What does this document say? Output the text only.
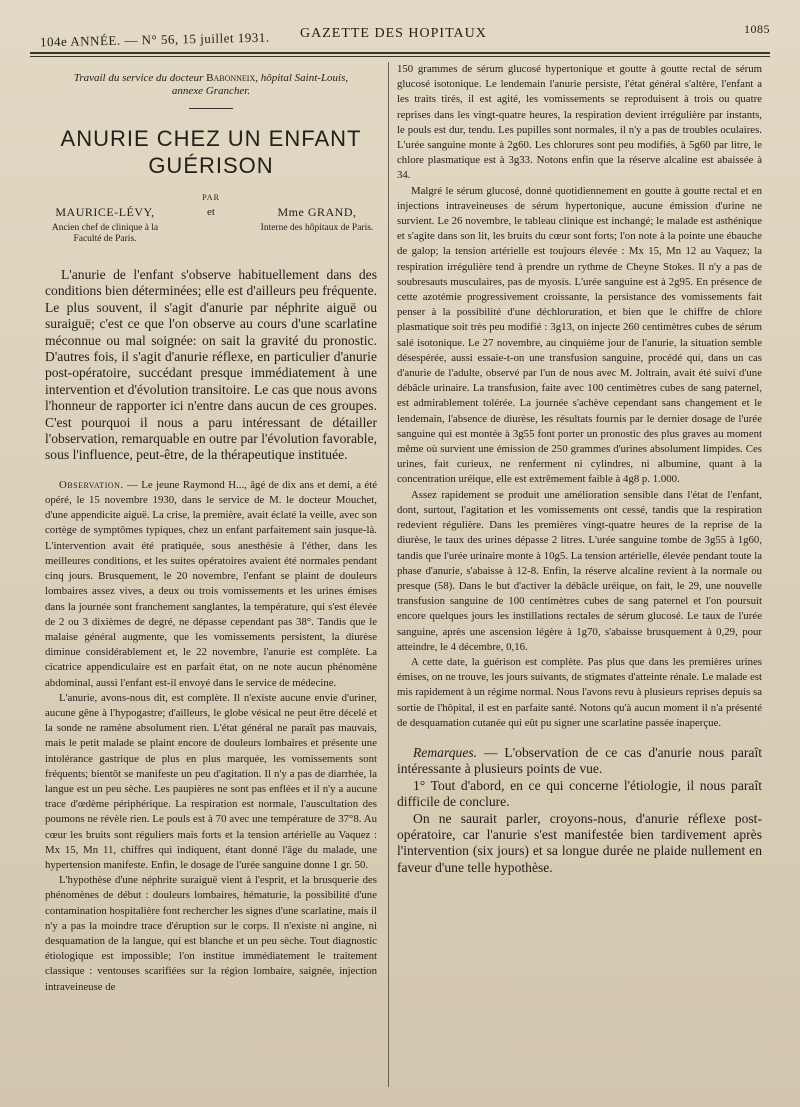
104e ANNÉE. — N° 56, 15 juillet 1931. GAZETTE DES HOPITAUX	1085
Travail du service du docteur Babonneix, hôpital Saint-Louis,
annexe Grancher.
ANURIE CHEZ UN ENFANT
GUÉRISON
PAR
MAURICE-LÉVY,
Ancien chef de clinique à la Faculté de Paris.
et	Mme GRAND,
Interne des hôpitaux de Paris.

L'anurie de l'enfant s'observe habituellement dans des conditions bien déterminées; elle est d'ailleurs peu fréquente. Le plus souvent, il s'agit d'anurie par néphrite aiguë ou suraiguë; c'est ce que l'on observe au cours d'une scarlatine méconnue ou mal soignée: on sait la gravité du pronostic. D'autres fois, il s'agit d'anurie réflexe, en particulier d'anurie post-opératoire, succédant presque immédiatement à une intervention et d'évolution transitoire. Le cas que nous avons l'honneur de rapporter ici n'entre dans aucun de ces groupes. C'est pourquoi il nous a paru intéressant de détailler l'observation, remarquable en outre par l'évolution favorable, sous l'influence, peut-être, de la thérapeutique instituée.

Observation. — Le jeune Raymond H..., âgé de dix ans et demi, a été opéré, le 15 novembre 1930, dans le service de M. le docteur Mouchet, d'une appendicite aiguë. La crise, la première, avait éclaté la veille, avec son cortège de symptômes typiques, chez un enfant parfaitement sain jusque-là. L'intervention avait été pratiquée, sous anesthésie à l'éther, dans les meilleures conditions, et les suites opératoires avaient été normales pendant cinq jours. Brusquement, le 20 novembre, l'enfant se plaint de douleurs lombaires assez vives, a deux ou trois vomissements et les urines émises dans la journée sont franchement sanglantes, la température, qui s'est élevée de 2 ou 3 dixièmes de degré, ne dépasse cependant pas 38°. Tandis que le malaise général augmente, que les vomissements persistent, la diurèse diminue considérablement et, le 22 novembre, l'anurie est complète. La cicatrice appendiculaire est en parfait état, on ne note aucun phénomène abdominal, aussi l'enfant est-il envoyé dans le service de médecine.

L'anurie, avons-nous dit, est complète. Il n'existe aucune envie d'uriner, aucune gêne à l'hypogastre; d'ailleurs, le globe vésical ne peut être décelé et la sonde ne ramène absolument rien. L'état général ne paraît pas mauvais, mais le petit malade se plaint encore de douleurs lombaires et présente une intolérance gastrique de plus en plus marquée, les vomissements sont fréquents; bientôt se manifeste un peu d'agitation. Il n'y a pas de diarrhée, la langue est un peu sèche. Les paupières ne sont pas enflées et il n'y a aucune trace d'œdème périphérique. La respiration est normale, l'auscultation des poumons ne révèle rien. Le pouls est à 70 avec une température de 37°8. Au cœur les bruits sont réguliers mais forts et la tension artérielle au Vaquez : Mx 15, Mn 11, chiffres qui indiquent, étant donné l'âge du malade, une hypertension manifeste. Enfin, le dosage de l'urée sanguine donne 1 gr. 50.

L'hypothèse d'une néphrite suraiguë vient à l'esprit, et la brusquerie des phénomènes de début : douleurs lombaires, hématurie, la possibilité d'une contamination hospitalière font rechercher les signes d'une scarlatine, mais il n'y a pas la moindre trace d'éruption sur le corps. Il n'existe ni angine, ni desquamation de la langue, qui est blanche et un peu sèche. Tout diagnostic étiologique est impossible; l'on institue immédiatement le traitement classique : ventouses scarifiées sur la région lombaire, saignée, injection intraveineuse de

150 grammes de sérum glucosé hypertonique et goutte à goutte rectal de sérum glucosé isotonique. Le lendemain l'anurie persiste, l'état général s'altère, l'enfant a les traits tirés, il est agité, les vomissements se reproduisent à trois ou quatre reprises dans les vingt-quatre heures, la respiration devient irrégulière par instants, le pouls est dur, tendu. Les pupilles sont normales, il n'y a pas de troubles oculaires. L'urée sanguine monte à 2g60. Les chlorures sont peu modifiés, à 5g60 par litre, le chlore plasmatique est à 3g33. Notons enfin que la réserve alcaline est abaissée à 34.

Malgré le sérum glucosé, donné quotidiennement en goutte à goutte rectal et en injections intraveineuses de sérum hypertonique, aucune émission d'urine ne survient. Le 26 novembre, le tableau clinique est inchangé; le malade est asthénique et s'agite dans son lit, les bruits du cœur sont forts; l'on note à la pointe une ébauche de galop; la tension artérielle est toujours élevée : Mx 15, Mn 12 au Vaquez; la respiration irrégulière tend à prendre un rythme de Cheyne Stokes. Il n'y a pas de soubresauts musculaires, pas de myosis. L'urée sanguine est à 2g95. En présence de cette azotémie progressivement croissante, la persistance des vomissements fait penser à la possibilité d'une déchloruration, et bien que le chiffre de chlore plasmatique soit très peu modifié : 3g13, on injecte 260 centimètres cubes de sérum salé isotonique. Le 27 novembre, au cinquième jour de l'anurie, la situation semble désespérée, aussi essaie-t-on une transfusion sanguine, procédé qui, dans un cas d'anurie de l'adulte, observé par l'un de nous avec M. Joltrain, avait été suivi d'une débâcle urinaire. La transfusion, faite avec 100 centimètres cubes de sang paternel, est admirablement tolérée. La journée s'achève cependant sans changement et le lendemain, l'absence de diurèse, les résultats fournis par le dernier dosage de l'urée sanguine qui est montée à 3g55 font porter un pronostic des plus graves au moment même où survient une émission de 250 grammes d'urines absolument limpides. Ces urines, fait curieux, ne renferment ni cylindres, ni albumine, quant à la concentration uréique, elle est extrêmement faible à 4g8 p. 1.000.

Assez rapidement se produit une amélioration sensible dans l'état de l'enfant, dont, surtout, l'agitation et les vomissements ont cessé, tandis que la respiration redevient régulière. Dans les premières vingt-quatre heures de la reprise de la diurèse, le taux des urines dépasse 2 litres. L'urée sanguine tombe de 3g55 à 1g60, tandis que l'urée urinaire monte à 10g5. La tension artérielle, élevée pendant toute la phase d'anurie, s'abaisse à 12-8. Enfin, la réserve alcaline revient à la normale ou presque (58). Dans le but d'activer la débâcle uréique, on fait, le 29, une nouvelle transfusion sanguine de 100 centimètres cubes de sang paternel et l'on poursuit encore quelques jours les instillations rectales de sérum glucosé. Le taux de l'urée sanguine, après une ascension légère à 1g70, s'abaisse brusquement à 0,29, pour atteindre, le 4 décembre, 0,16.

A cette date, la guérison est complète. Pas plus que dans les premières urines émises, on ne trouve, les jours suivants, de stigmates d'atteinte rénale. Le malade est mis rapidement à un régime normal. Nous l'avons revu à plusieurs reprises depuis sa sortie de l'hôpital, il est en parfaite santé. Notons qu'à aucun moment il n'a présenté de desquamation cutanée qui eût pu signer une scarlatine passée inaperçue.

Remarques. — L'observation de ce cas d'anurie nous paraît intéressante à plusieurs points de vue.

1° Tout d'abord, en ce qui concerne l'étiologie, il nous paraît difficile de conclure.

On ne saurait parler, croyons-nous, d'anurie réflexe post-opératoire, car l'anurie s'est manifestée bien tardivement après l'intervention (six jours) et sa longue durée ne plaide nullement en faveur d'une telle hypothèse.
